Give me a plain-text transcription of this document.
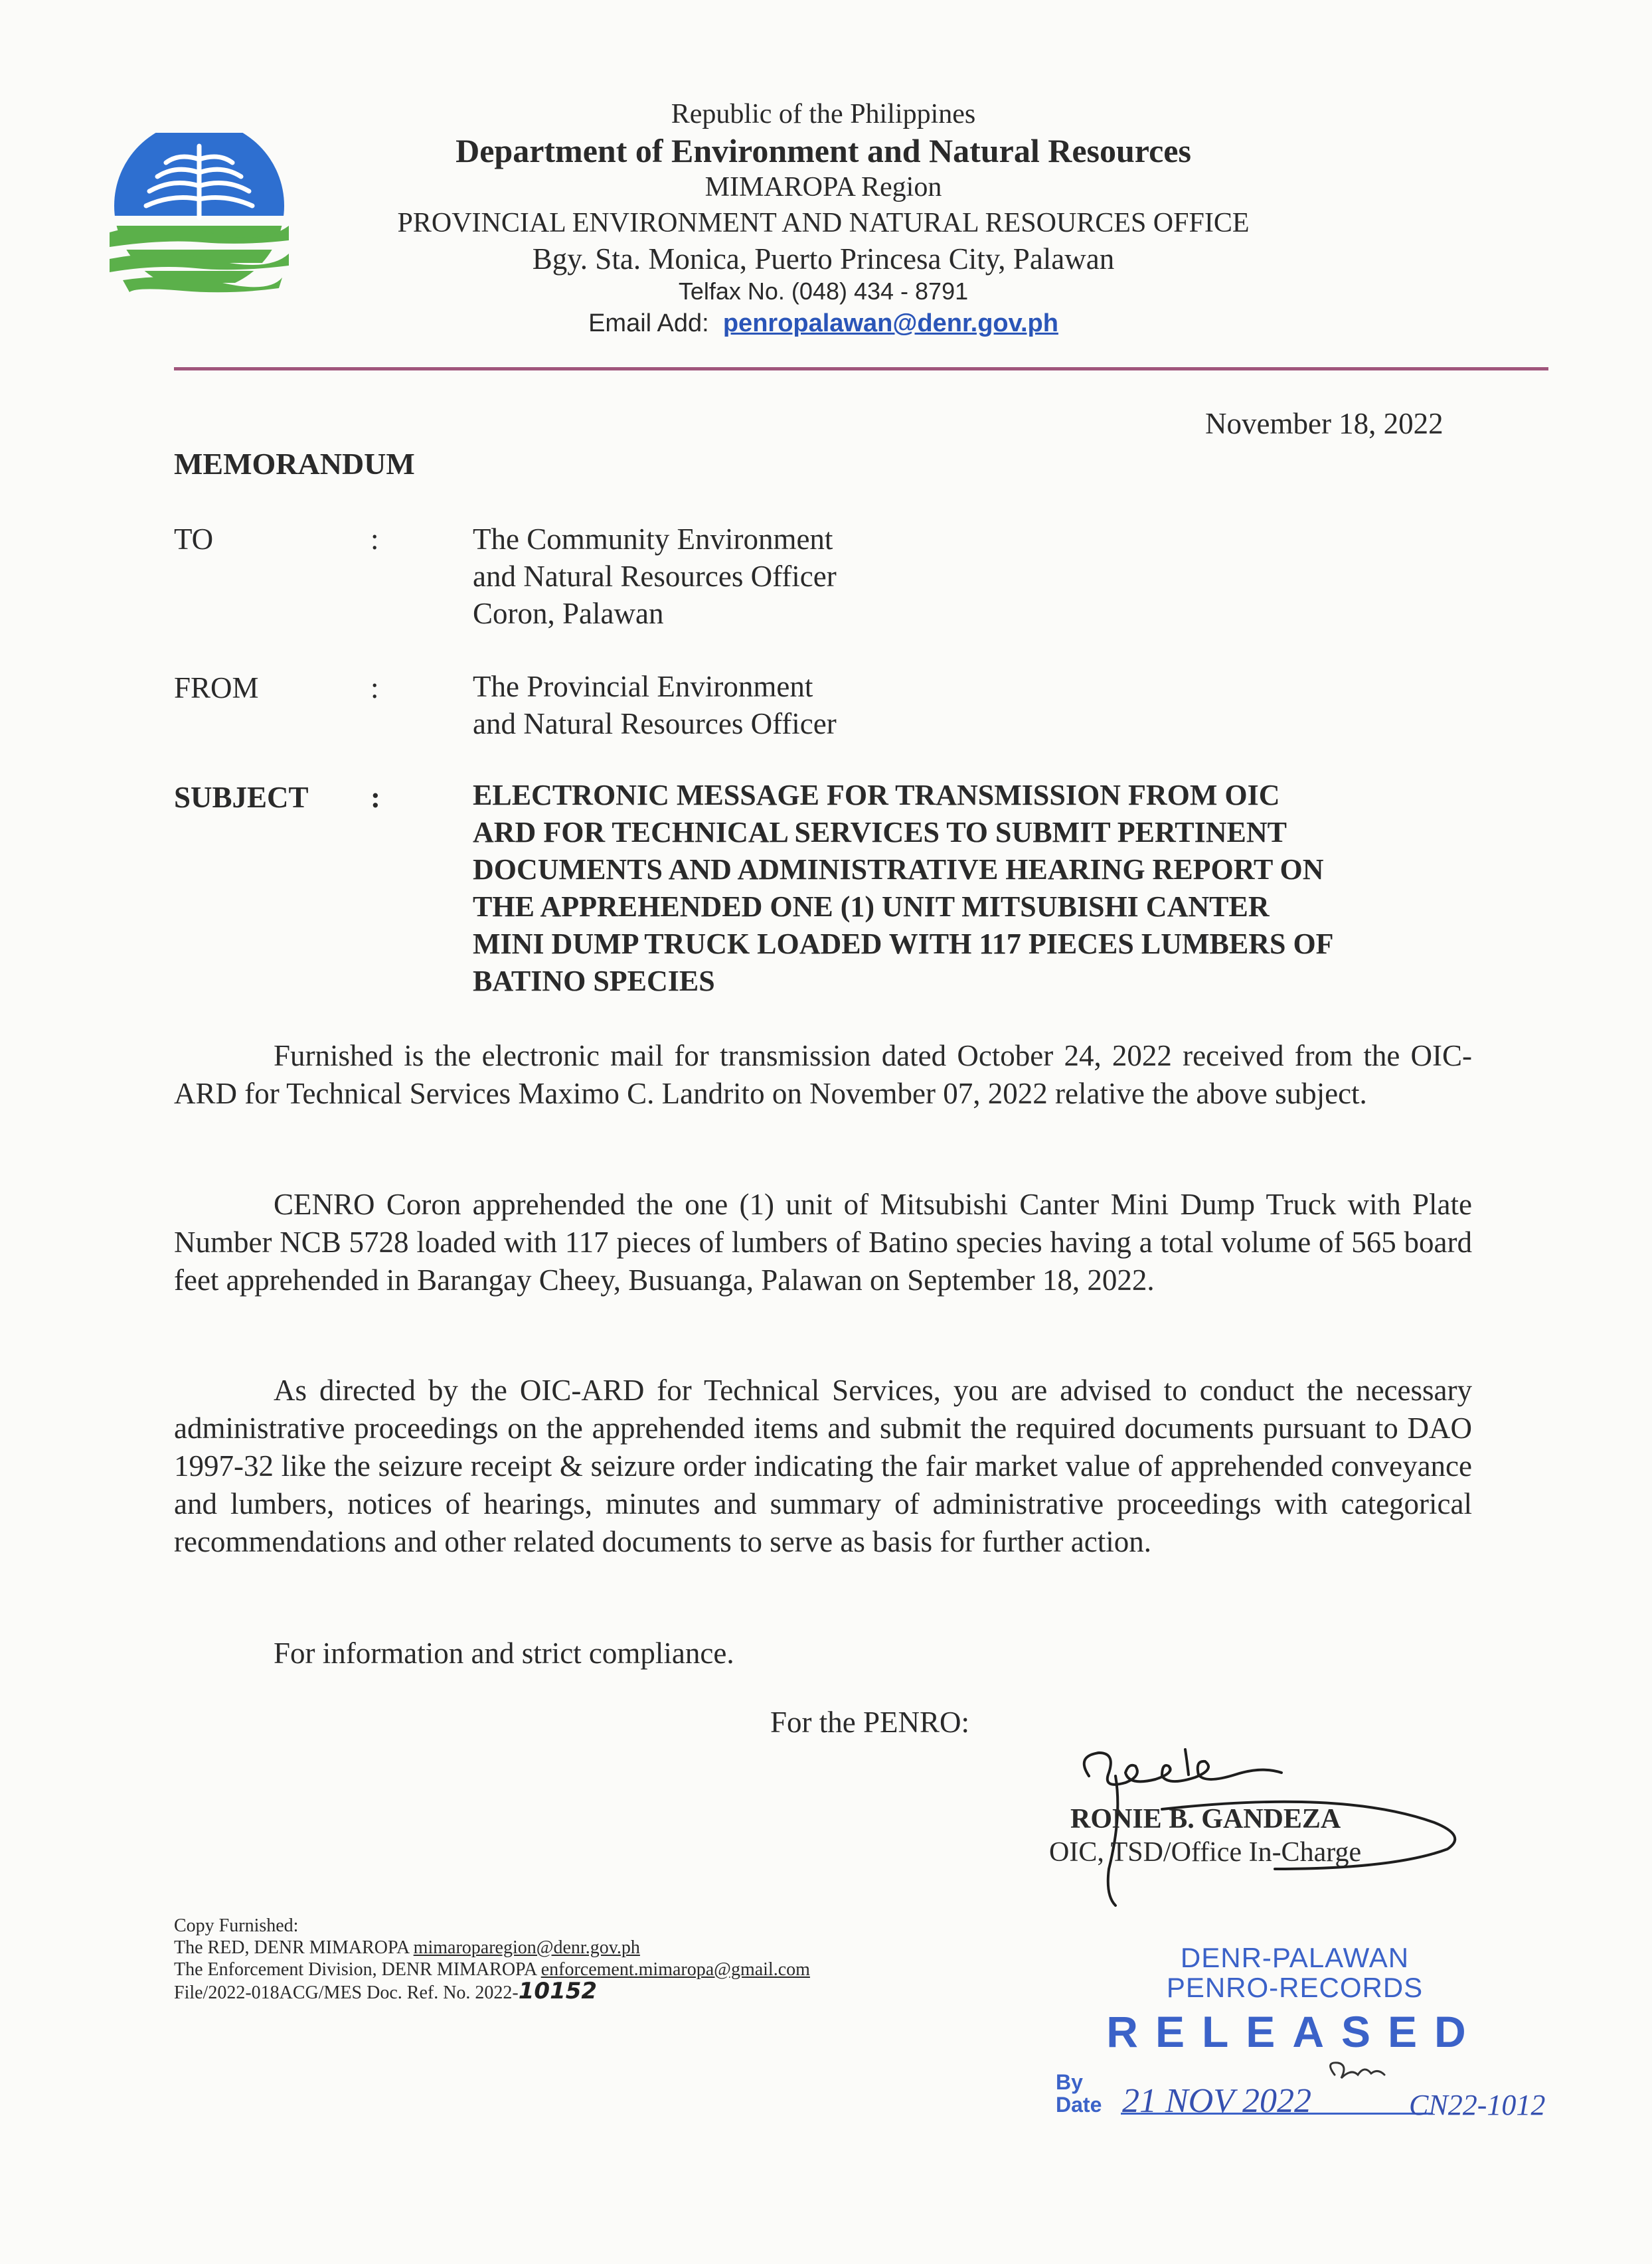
Republic of the Philippines
Department of Environment and Natural Resources
MIMAROPA Region
PROVINCIAL ENVIRONMENT AND NATURAL RESOURCES OFFICE
Bgy. Sta. Monica, Puerto Princesa City, Palawan
Telfax No. (048) 434 - 8791
Email Add: penropalawan@denr.gov.ph
November 18, 2022
MEMORANDUM
TO	:	The Community Environment
and Natural Resources Officer
Coron, Palawan
FROM	:	The Provincial Environment
and Natural Resources Officer
SUBJECT :	ELECTRONIC MESSAGE FOR TRANSMISSION FROM OIC
ARD FOR TECHNICAL SERVICES TO SUBMIT PERTINENT
DOCUMENTS AND ADMINISTRATIVE HEARING REPORT ON
THE APPREHENDED ONE (1) UNIT MITSUBISHI CANTER
MINI DUMP TRUCK LOADED WITH 117 PIECES LUMBERS OF
BATINO SPECIES
Furnished is the electronic mail for transmission dated October 24, 2022 received from the OIC-ARD for Technical Services Maximo C. Landrito on November 07, 2022 relative the above subject.
CENRO Coron apprehended the one (1) unit of Mitsubishi Canter Mini Dump Truck with Plate Number NCB 5728 loaded with 117 pieces of lumbers of Batino species having a total volume of 565 board feet apprehended in Barangay Cheey, Busuanga, Palawan on September 18, 2022.
As directed by the OIC-ARD for Technical Services, you are advised to conduct the necessary administrative proceedings on the apprehended items and submit the required documents pursuant to DAO 1997-32 like the seizure receipt & seizure order indicating the fair market value of apprehended conveyance and lumbers, notices of hearings, minutes and summary of administrative proceedings with categorical recommendations and other related documents to serve as basis for further action.
For information and strict compliance.
For the PENRO:
RONIE B. GANDEZA
OIC, TSD/Office In-Charge
Copy Furnished:
The RED, DENR MIMAROPA mimaroparegion@denr.gov.ph
The Enforcement Division, DENR MIMAROPA enforcement.mimaropa@gmail.com
File/2022-018ACG/MES Doc. Ref. No. 2022-10152
DENR-PALAWAN
PENRO-RECORDS
RELEASED
By
Date 21 NOV 2022	CN22-1012
